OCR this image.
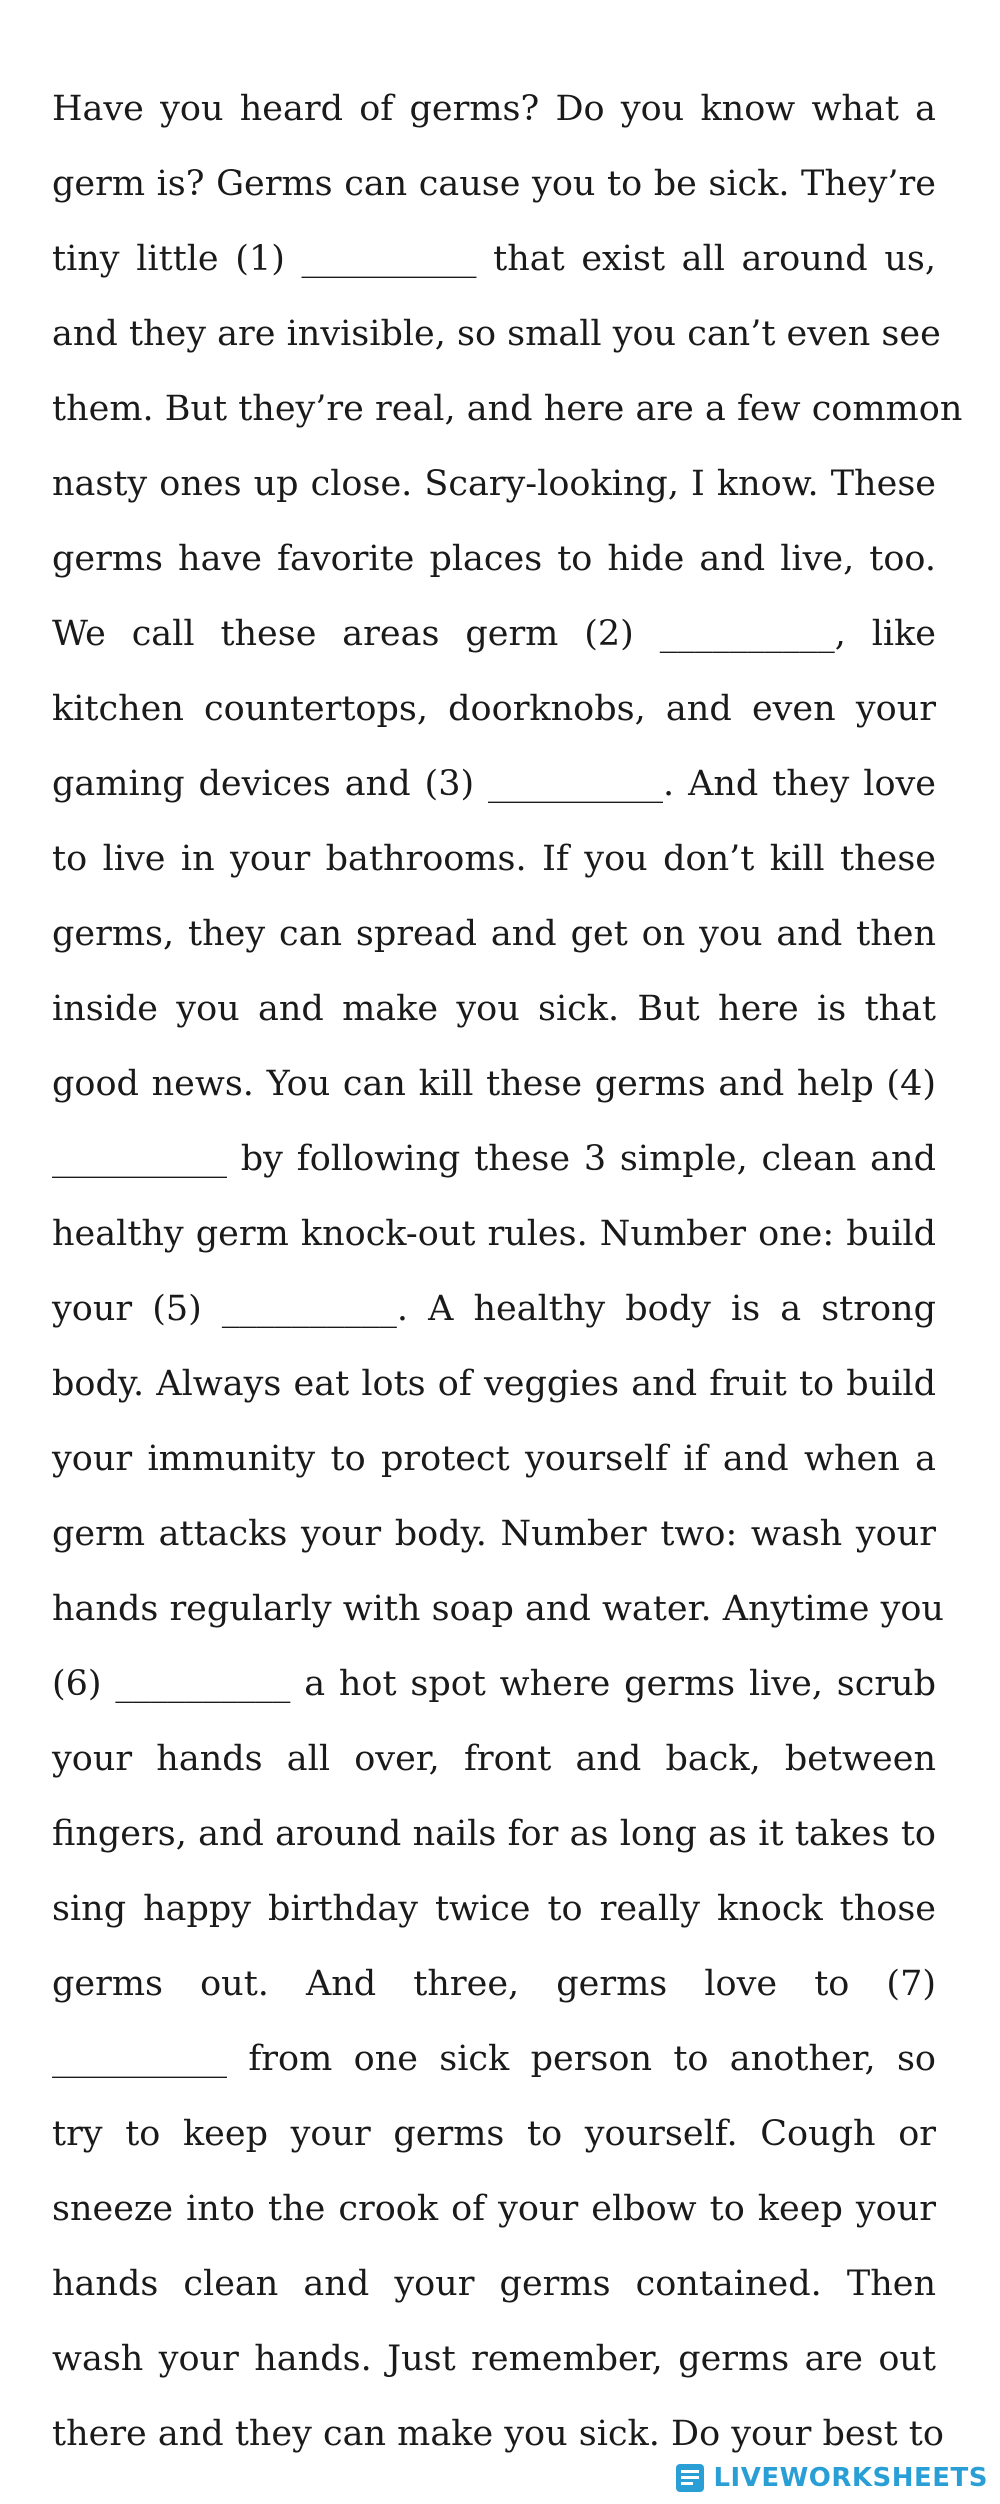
Have you heard of germs? Do you know what a
germ is? Germs can cause you to be sick. They’re
tiny little (1) __________ that exist all around us,
and they are invisible, so small you can’t even see
them. But they’re real, and here are a few common
nasty ones up close. Scary-looking, I know. These
germs have favorite places to hide and live, too.
We call these areas germ (2) __________, like
kitchen countertops, doorknobs, and even your
gaming devices and (3) __________. And they love
to live in your bathrooms. If you don’t kill these
germs, they can spread and get on you and then
inside you and make you sick. But here is that
good news. You can kill these germs and help (4)
__________ by following these 3 simple, clean and
healthy germ knock-out rules. Number one: build
your (5) __________. A healthy body is a strong
body. Always eat lots of veggies and fruit to build
your immunity to protect yourself if and when a
germ attacks your body. Number two: wash your
hands regularly with soap and water. Anytime you
(6) __________ a hot spot where germs live, scrub
your hands all over, front and back, between
fingers, and around nails for as long as it takes to
sing happy birthday twice to really knock those
germs out. And three, germs love to (7)
__________ from one sick person to another, so
try to keep your germs to yourself. Cough or
sneeze into the crook of your elbow to keep your
hands clean and your germs contained. Then
wash your hands. Just remember, germs are out
there and they can make you sick. Do your best to
LIVEWORKSHEETS
